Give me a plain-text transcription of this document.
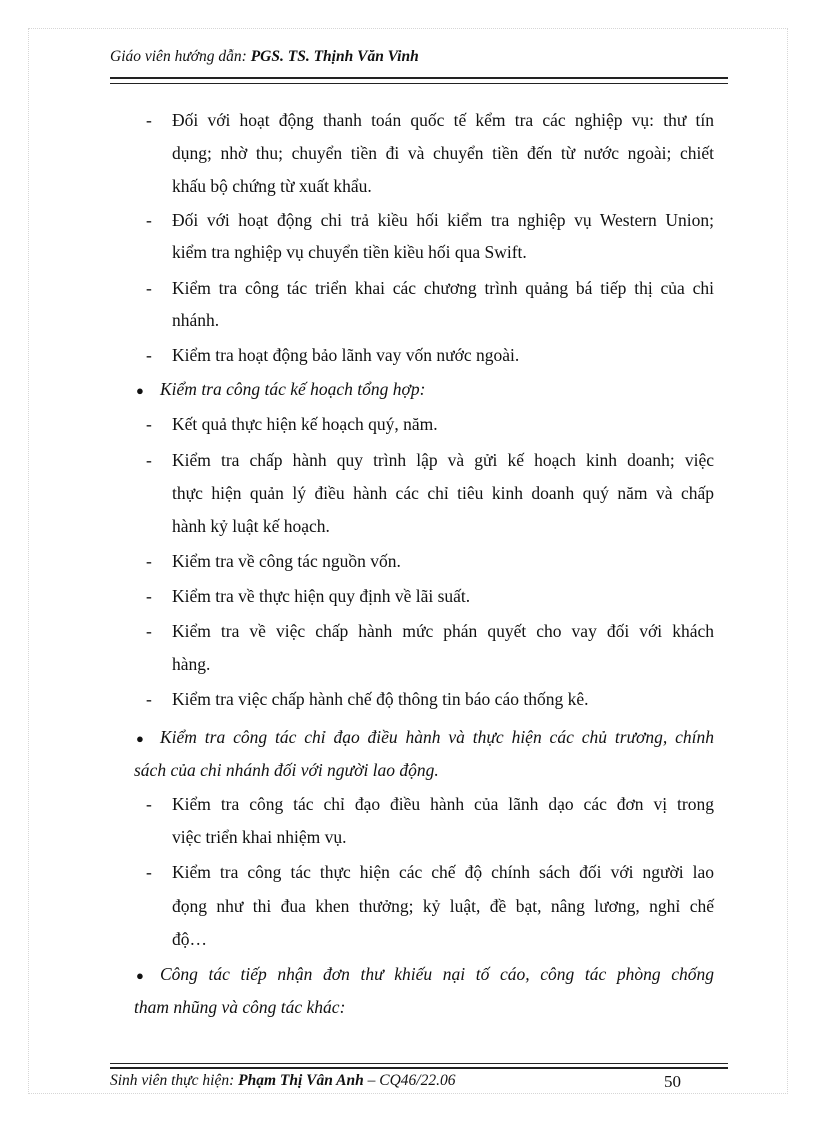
Giáo viên hướng dẫn: PGS. TS. Thịnh Văn Vinh
- Đối với hoạt động thanh toán quốc tế kểm tra các nghiệp vụ: thư tín
dụng; nhờ thu; chuyển tiền đi và chuyển tiền đến từ nước ngoài; chiết
khấu bộ chứng từ xuất khẩu.
- Đối với hoạt động chi trả kiều hối kiểm tra nghiệp vụ Western Union;
kiểm tra nghiệp vụ chuyển tiền kiều hối qua Swift.
- Kiểm tra công tác triển khai các chương trình quảng bá tiếp thị của chi
nhánh.
- Kiểm tra hoạt động bảo lãnh vay vốn nước ngoài.
● Kiểm tra công tác kế hoạch tổng hợp:
- Kết quả thực hiện kế hoạch quý, năm.
- Kiểm tra chấp hành quy trình lập và gửi kế hoạch kinh doanh; việc
thực hiện quản lý điều hành các chỉ tiêu kinh doanh quý năm và chấp
hành kỷ luật kế hoạch.
- Kiểm tra về công tác nguồn vốn.
- Kiểm tra về thực hiện quy định về lãi suất.
- Kiểm tra về việc chấp hành mức phán quyết cho vay đối với khách
hàng.
- Kiểm tra việc chấp hành chế độ thông tin báo cáo thống kê.
● Kiểm tra công tác chỉ đạo điều hành và thực hiện các chủ trương, chính
sách của chi nhánh đối với người lao động.
- Kiểm tra công tác chỉ đạo điều hành của lãnh dạo các đơn vị trong
việc triển khai nhiệm vụ.
- Kiểm tra công tác thực hiện các chế độ chính sách đối với người lao
đọng như thi đua khen thưởng; kỷ luật, đề bạt, nâng lương, nghỉ chế
độ…
● Công tác tiếp nhận đơn thư khiếu nại tố cáo, công tác phòng chống
tham nhũng và công tác khác:
Sinh viên thực hiện: Phạm Thị Vân Anh – CQ46/22.06	50
